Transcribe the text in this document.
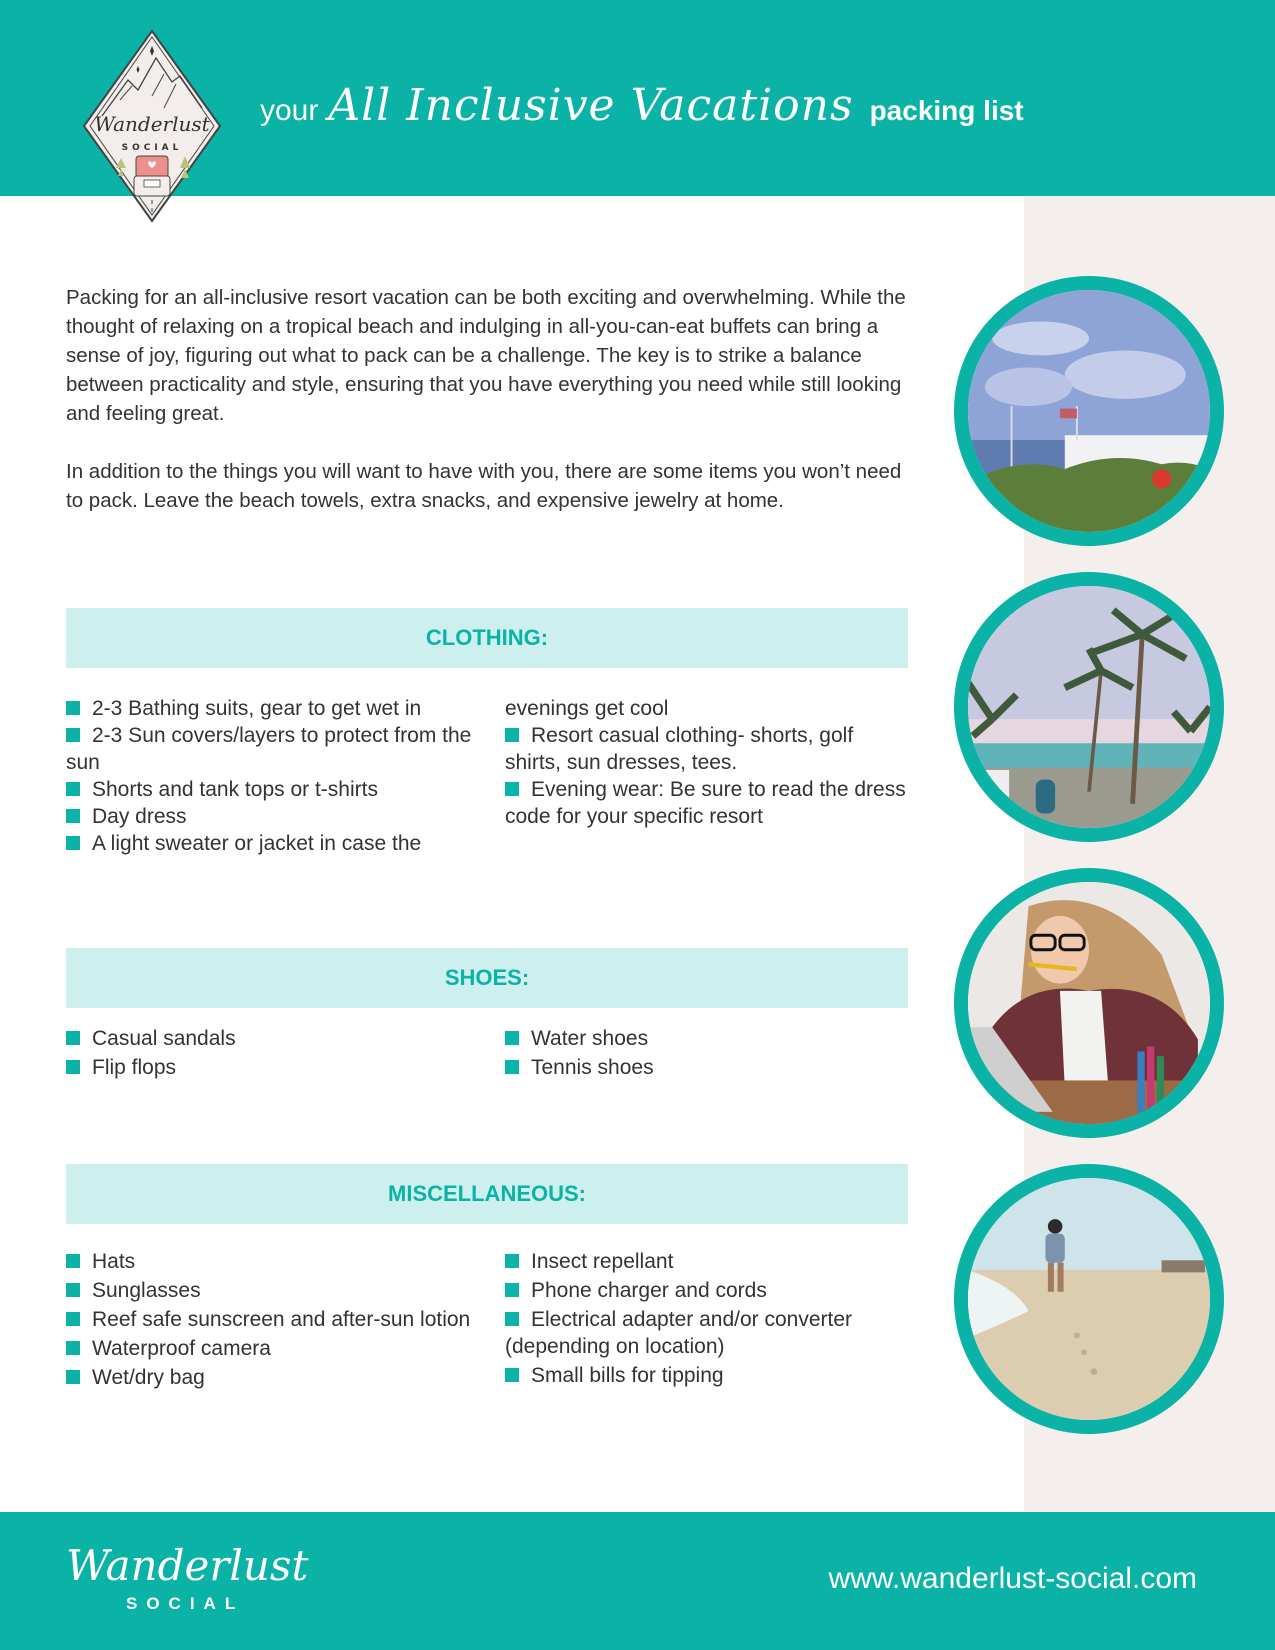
your All Inclusive Vacations packing list
Wanderlust
SOCIAL

Packing for an all-inclusive resort vacation can be both exciting and overwhelming. While the thought of relaxing on a tropical beach and indulging in all-you-can-eat buffets can bring a sense of joy, figuring out what to pack can be a challenge. The key is to strike a balance between practicality and style, ensuring that you have everything you need while still looking and feeling great.

In addition to the things you will want to have with you, there are some items you won’t need to pack. Leave the beach towels, extra snacks, and expensive jewelry at home.

CLOTHING:
2-3 Bathing suits, gear to get wet in
2-3 Sun covers/layers to protect from the sun
Shorts and tank tops or t-shirts
Day dress
A light sweater or jacket in case the
evenings get cool
Resort casual clothing- shorts, golf shirts, sun dresses, tees.
Evening wear: Be sure to read the dress code for your specific resort
SHOES:
Casual sandals
Flip flops
Water shoes
Tennis shoes
MISCELLANEOUS:
Hats
Sunglasses
Reef safe sunscreen and after-sun lotion
Waterproof camera
Wet/dry bag
Insect repellant
Phone charger and cords
Electrical adapter and/or converter (depending on location)
Small bills for tipping
Wanderlust
SOCIAL
www.wanderlust-social.com
